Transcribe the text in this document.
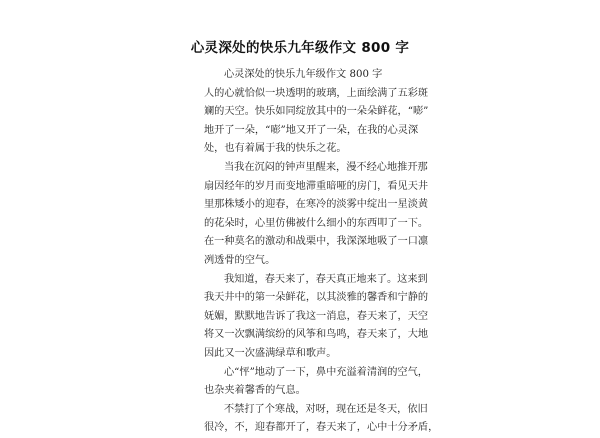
心灵深处的快乐九年级作文 800 字
心灵深处的快乐九年级作文 800 字
人的心就恰似一块透明的玻璃，上面绘满了五彩斑
斓的天空。快乐如同绽放其中的一朵朵鲜花，“嘭”
地开了一朵，“嘭”地又开了一朵，在我的心灵深
处，也有着属于我的快乐之花。
当我在沉闷的钟声里醒来，漫不经心地推开那
扇因经年的岁月而变地滞重暗哑的房门，看见天井
里那株矮小的迎春，在寒冷的淡雾中绽出一星淡黄
的花朵时，心里仿佛被什么细小的东西叩了一下。
在一种莫名的激动和战栗中，我深深地吸了一口凛
冽透骨的空气。
我知道，春天来了，春天真正地来了。这来到
我天井中的第一朵鲜花，以其淡雅的馨香和宁静的
妩媚，默默地告诉了我这一消息，春天来了，天空
将又一次飘满缤纷的风筝和鸟鸣，春天来了，大地
因此又一次盛满绿草和歌声。
心“怦”地动了一下，鼻中充溢着清润的空气，
也杂夹着馨香的气息。
不禁打了个寒战，对呀，现在还是冬天，依旧
很冷，不，迎春都开了，春天来了，心中十分矛盾，
